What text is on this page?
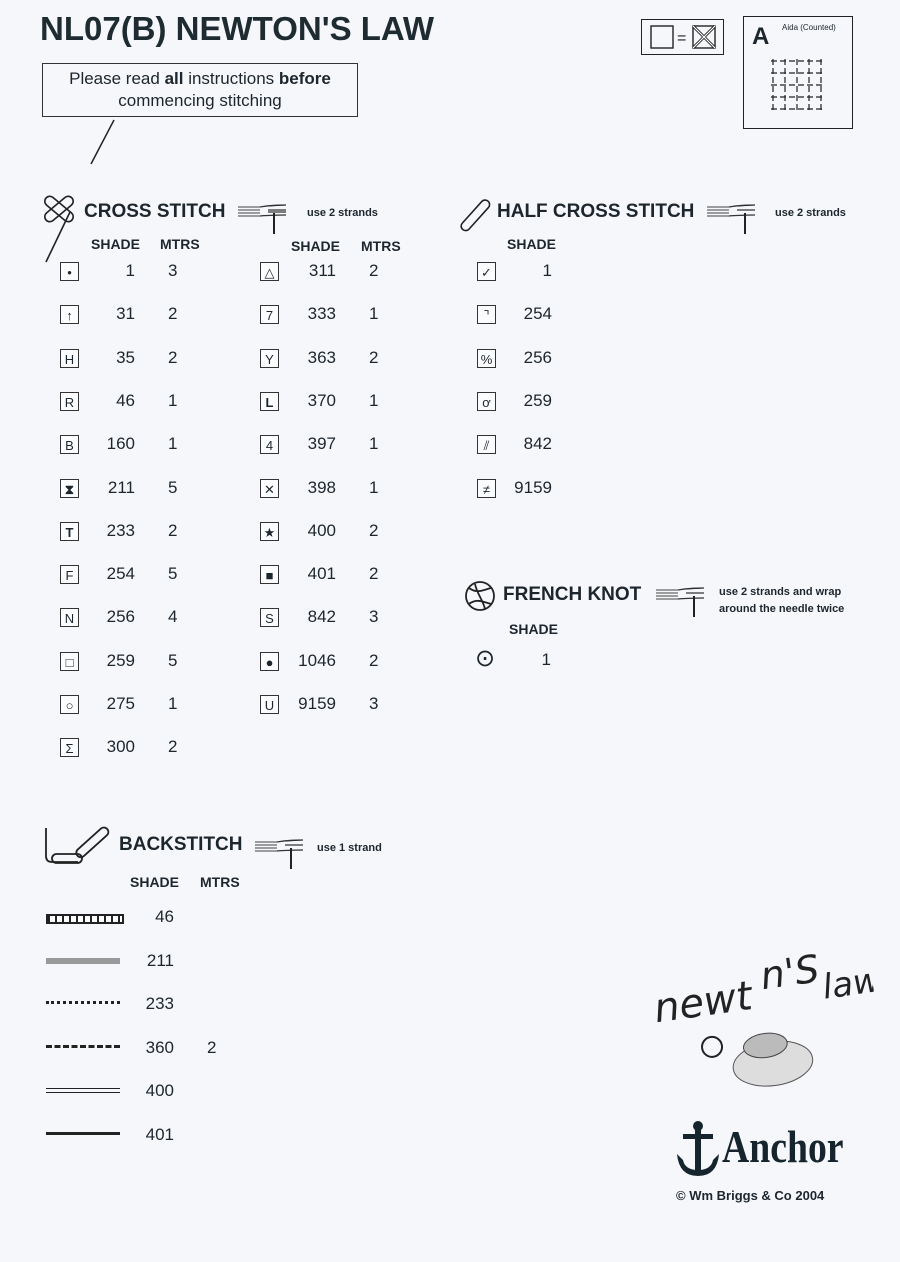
NL07(B) NEWTON'S LAW
Please read all instructions before
commencing stitching
=	A Aida (Counted)
CROSS STITCH	use 2 strands
SHADE MTRS	SHADE MTRS
•	1 3
↑	31 2
H	35 2
R	46 1
B	160 1
⧗	211 5
T	233 2
F	254 5
N	256 4
□	259 5
○	275 1
Σ	300 2
△	311 2
7	333 1
Y	363 2
L	370 1
4	397 1
✕	398 1
★	400 2
■	401 2
S	842 3
●	1046 2
U	9159 3
HALF CROSS STITCH	use 2 strands
SHADE
✓	1
⌝	254
%	256
ơ	259
⫽	842
≠	9159
FRENCH KNOT	use 2 strands and wrap
around the needle twice
SHADE
⊙	1
BACKSTITCH	use 1 strand
SHADE MTRS
46
211
233
360 2
400
401
newt
n'S
law
Anchor
© Wm Briggs & Co 2004
